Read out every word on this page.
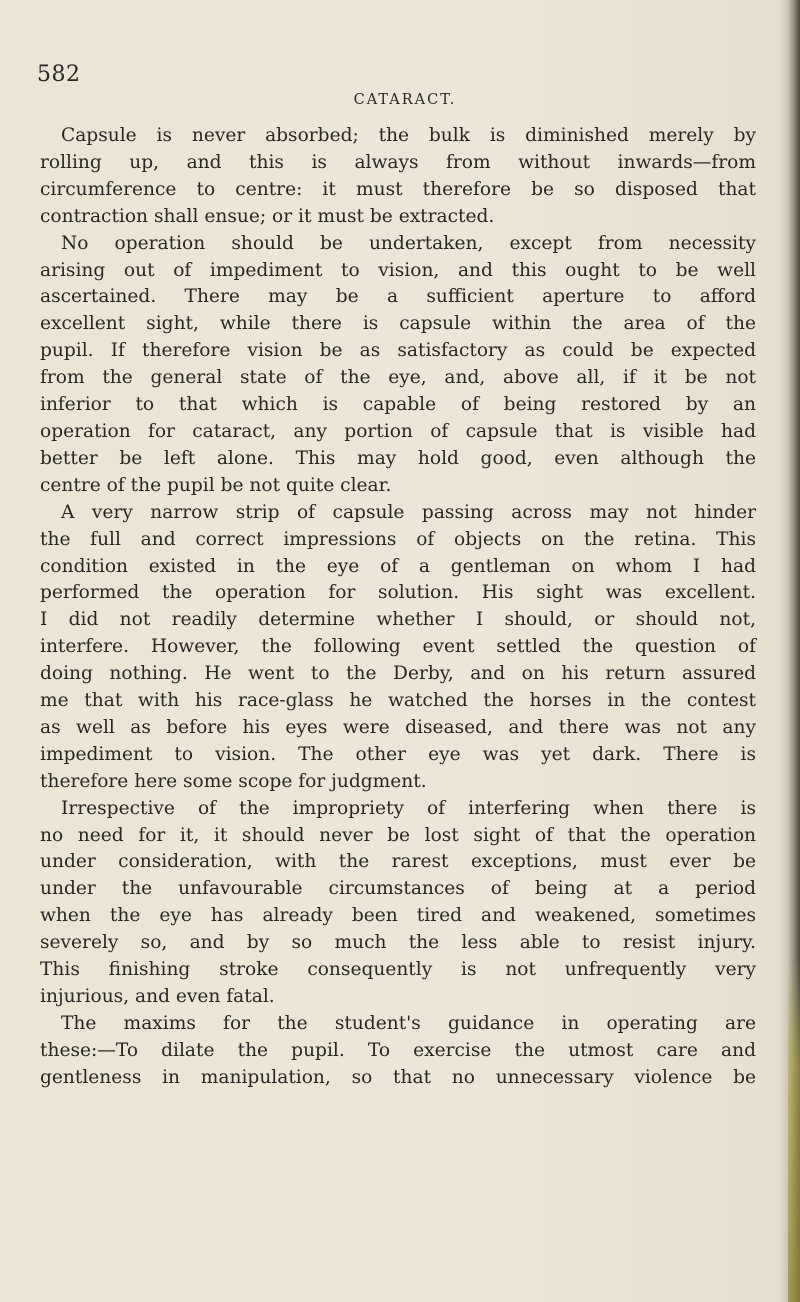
582
CATARACT.

Capsule is never absorbed; the bulk is diminished merely by
rolling up, and this is always from without inwards—from
circumference to centre: it must therefore be so disposed that
contraction shall ensue; or it must be extracted.

No operation should be undertaken, except from necessity
arising out of impediment to vision, and this ought to be well
ascertained. There may be a sufficient aperture to afford
excellent sight, while there is capsule within the area of the
pupil. If therefore vision be as satisfactory as could be expected
from the general state of the eye, and, above all, if it be not
inferior to that which is capable of being restored by an
operation for cataract, any portion of capsule that is visible had
better be left alone. This may hold good, even although the
centre of the pupil be not quite clear.

A very narrow strip of capsule passing across may not hinder
the full and correct impressions of objects on the retina. This
condition existed in the eye of a gentleman on whom I had
performed the operation for solution. His sight was excellent.
I did not readily determine whether I should, or should not,
interfere. However, the following event settled the question of
doing nothing. He went to the Derby, and on his return assured
me that with his race-glass he watched the horses in the contest
as well as before his eyes were diseased, and there was not any
impediment to vision. The other eye was yet dark. There is
therefore here some scope for judgment.

Irrespective of the impropriety of interfering when there is
no need for it, it should never be lost sight of that the operation
under consideration, with the rarest exceptions, must ever be
under the unfavourable circumstances of being at a period
when the eye has already been tired and weakened, sometimes
severely so, and by so much the less able to resist injury.
This finishing stroke consequently is not unfrequently very
injurious, and even fatal.

The maxims for the student's guidance in operating are
these:—To dilate the pupil. To exercise the utmost care and
gentleness in manipulation, so that no unnecessary violence be
